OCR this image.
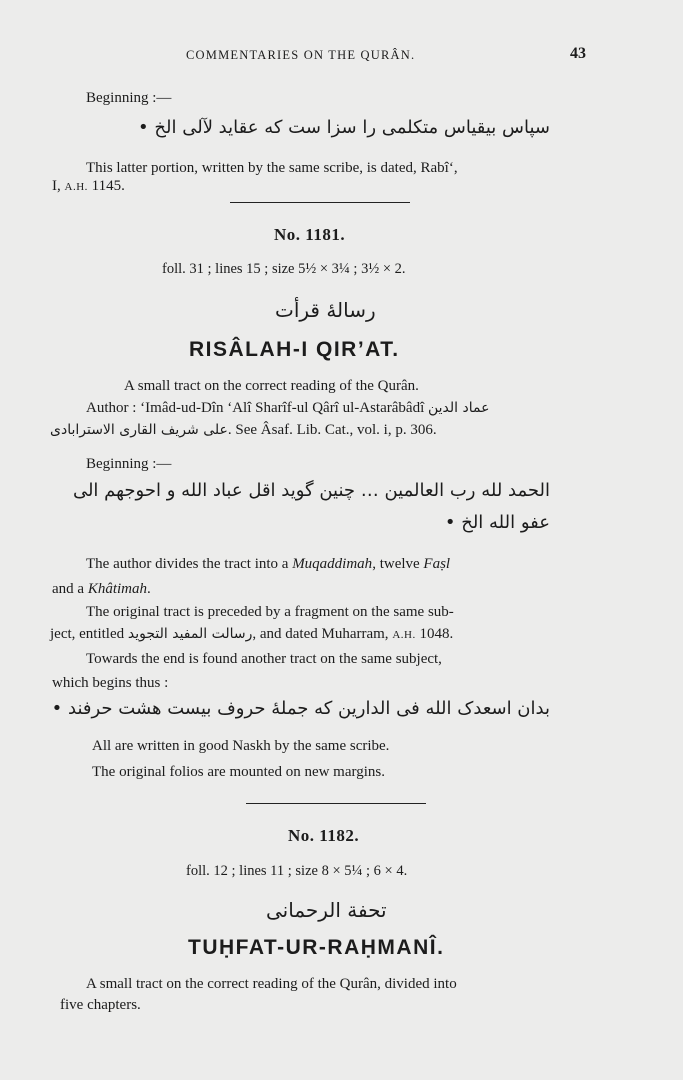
COMMENTARIES ON THE QURÂN.	43
Beginning :—
سپاس بیقیاس متکلمی را سزا ست که عقاید لآلی الخ •
This latter portion, written by the same scribe, is dated, Rabî‘,
I, A.H. 1145.
No. 1181.
foll. 31 ; lines 15 ; size 5½ × 3¼ ; 3½ × 2.
رسالهٔ قرأت
RISÂLAH-I QIR’AT.
A small tract on the correct reading of the Qurân.
Author : ‘Imâd-ud-Dîn ‘Alî Sharîf-ul Qârî ul-Astarâbâdî عماد الدین
علی شریف القاری الاسترابادی. See Âsaf. Lib. Cat., vol. i, p. 306.
Beginning :—
الحمد لله رب العالمین … چنین گوید اقل عباد الله و احوجهم الی
عفو الله الخ •
The author divides the tract into a Muqaddimah, twelve Faṣl
and a Khâtimah.
The original tract is preceded by a fragment on the same sub-
ject, entitled رسالت المفید التجوید, and dated Muharram, A.H. 1048.
Towards the end is found another tract on the same subject,
which begins thus :
بدان اسعدک الله فی الدارین که جملهٔ حروف بیست هشت حرفند •
All are written in good Naskh by the same scribe.
The original folios are mounted on new margins.
No. 1182.
foll. 12 ; lines 11 ; size 8 × 5¼ ; 6 × 4.
تحفة الرحمانی
TUḤFAT-UR-RAḤMANÎ.
A small tract on the correct reading of the Qurân, divided into
five chapters.
